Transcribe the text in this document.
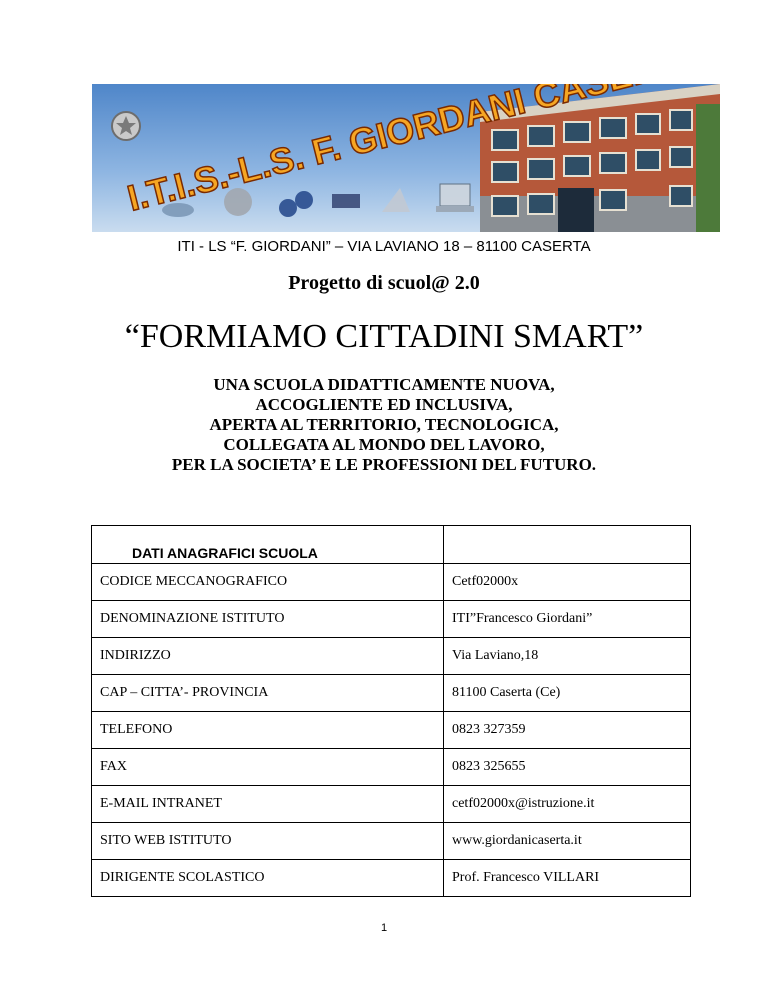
ITI - LS “F. GIORDANI” – VIA LAVIANO 18 – 81100 CASERTA
Progetto di scuol@ 2.0
“FORMIAMO CITTADINI SMART”
UNA SCUOLA DIDATTICAMENTE NUOVA,
ACCOGLIENTE ED INCLUSIVA,
APERTA AL TERRITORIO, TECNOLOGICA,
COLLEGATA AL MONDO DEL LAVORO,
PER LA SOCIETA’ E LE PROFESSIONI DEL FUTURO.
DATI ANAGRAFICI SCUOLA	
CODICE MECCANOGRAFICO	Cetf02000x
DENOMINAZIONE ISTITUTO	ITI”Francesco Giordani”
INDIRIZZO	Via Laviano,18
CAP – CITTA’- PROVINCIA	81100 Caserta (Ce)
TELEFONO	0823 327359
FAX	0823 325655
E-MAIL INTRANET	cetf02000x@istruzione.it
SITO WEB ISTITUTO	www.giordanicaserta.it
DIRIGENTE SCOLASTICO	Prof. Francesco VILLARI
1
